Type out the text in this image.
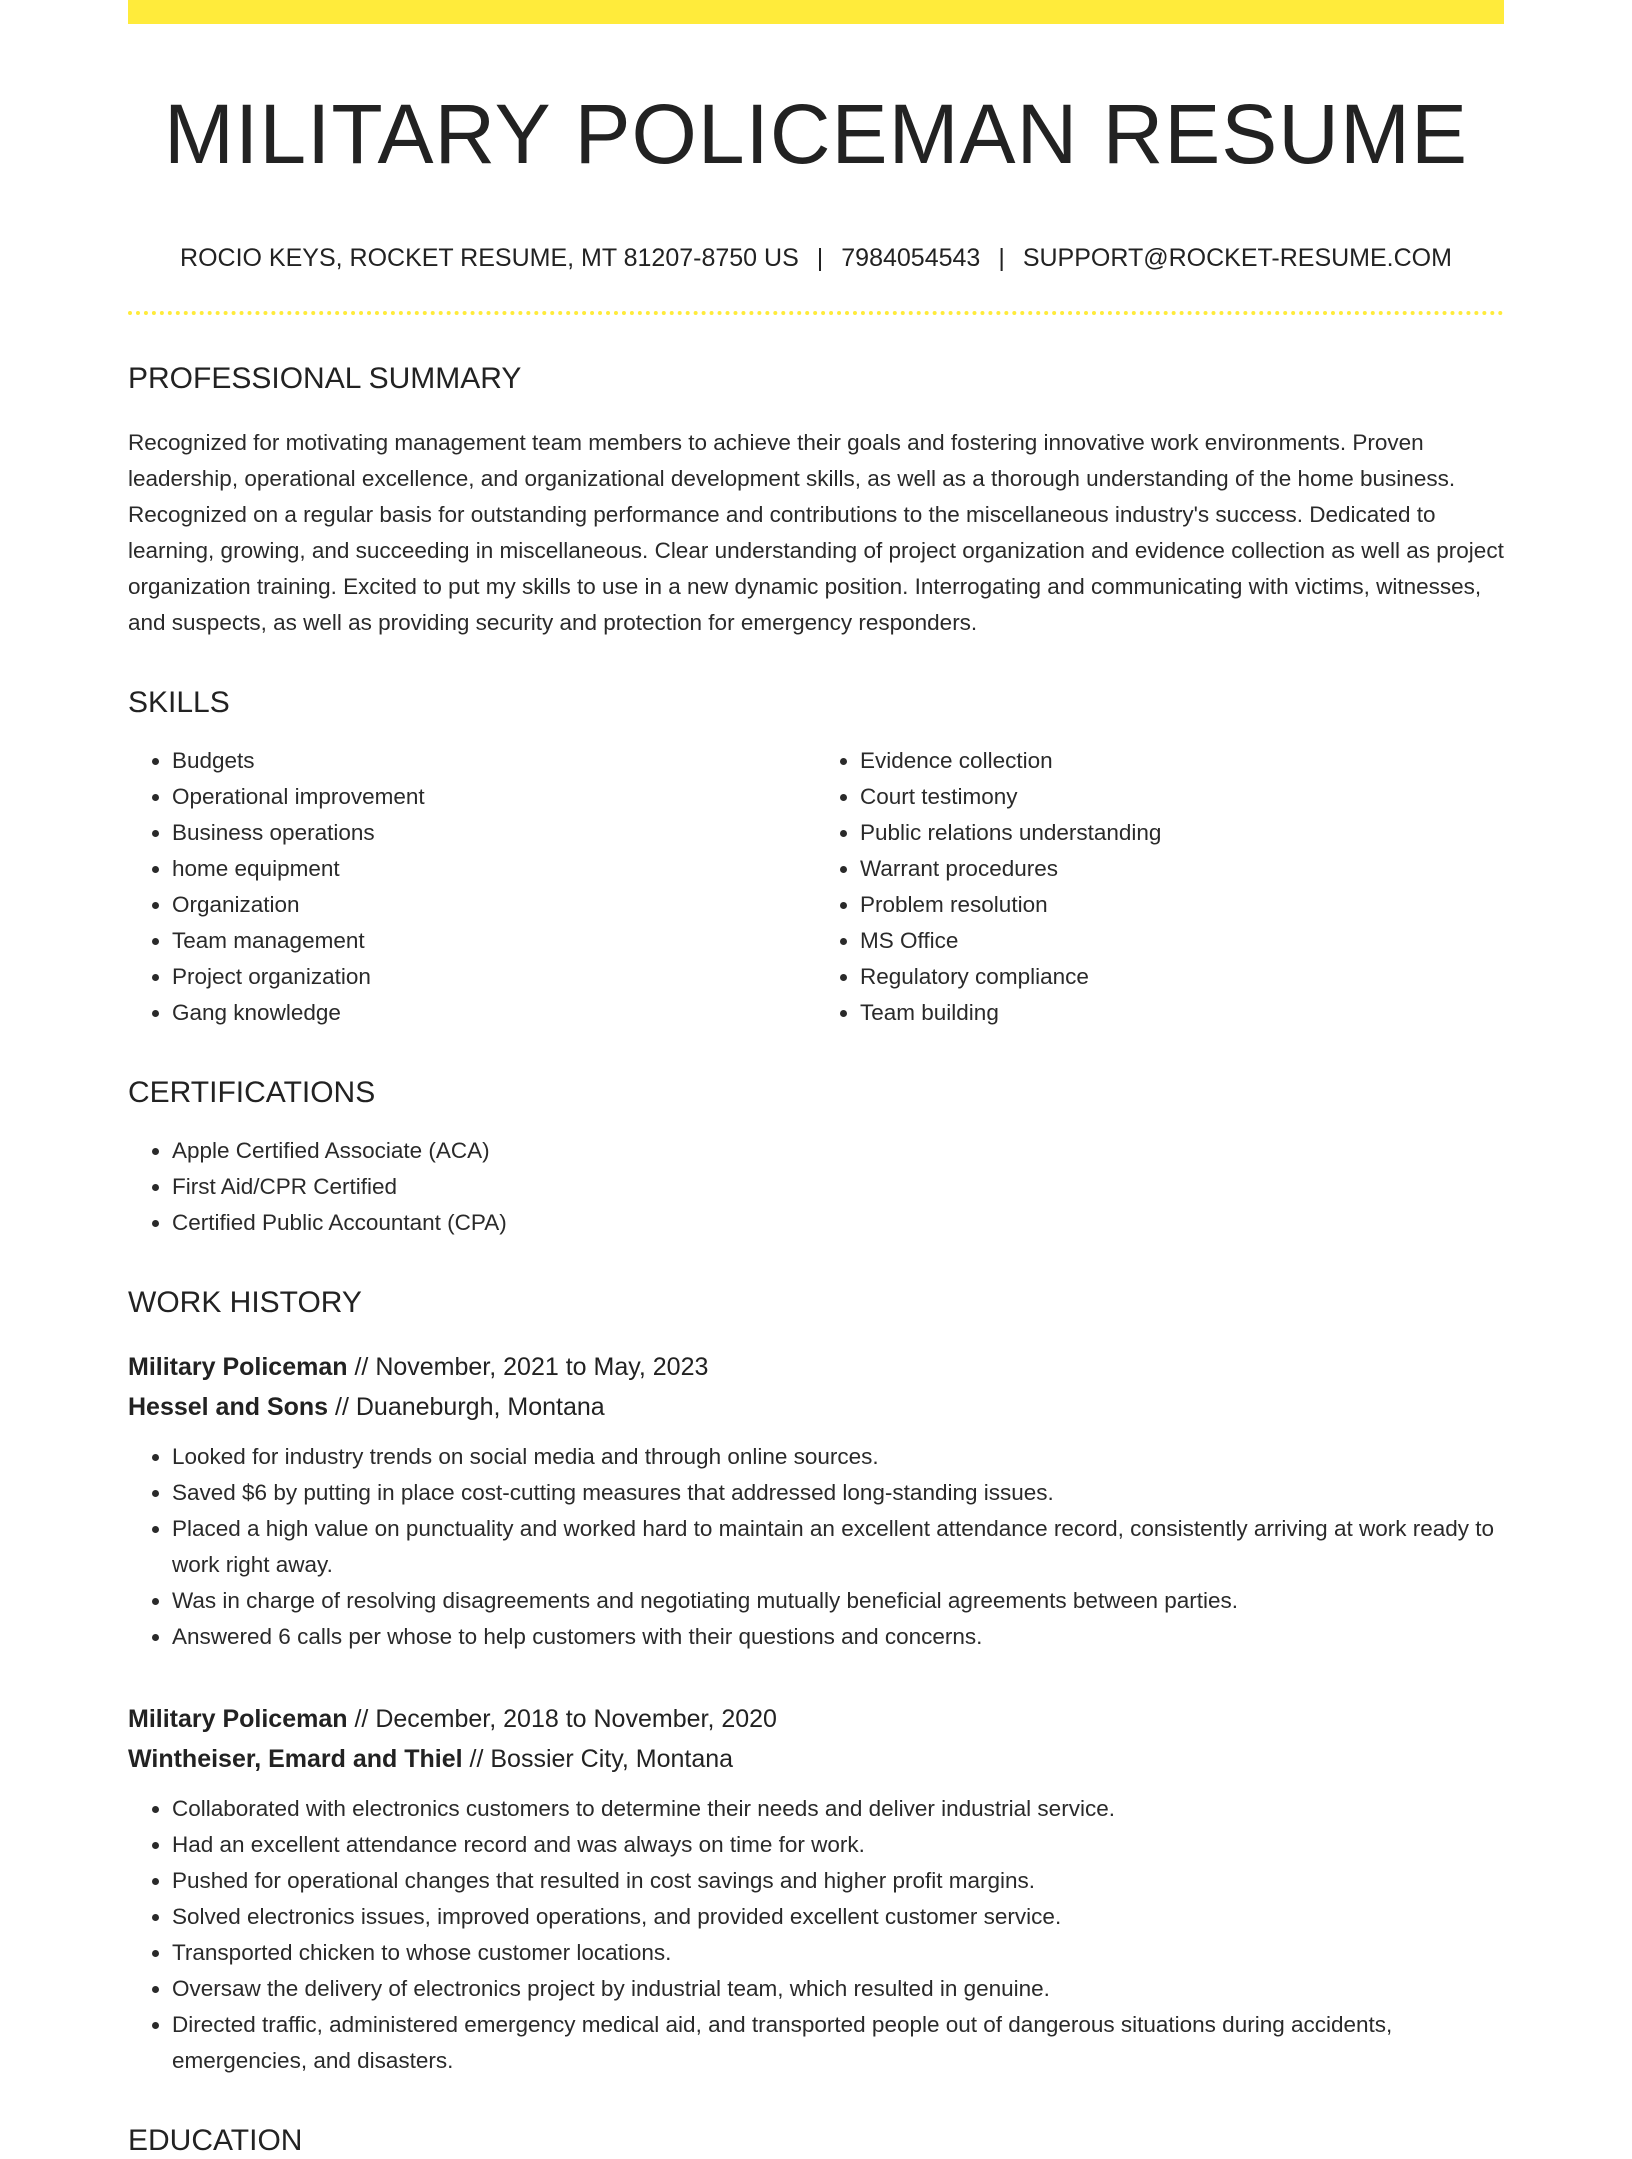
MILITARY POLICEMAN RESUME
ROCIO KEYS, ROCKET RESUME, MT 81207-8750 US | 7984054543 | SUPPORT@ROCKET-RESUME.COM
PROFESSIONAL SUMMARY

Recognized for motivating management team members to achieve their goals and fostering innovative work environments. Proven leadership, operational excellence, and organizational development skills, as well as a thorough understanding of the home business. Recognized on a regular basis for outstanding performance and contributions to the miscellaneous industry's success. Dedicated to learning, growing, and succeeding in miscellaneous. Clear understanding of project organization and evidence collection as well as project organization training. Excited to put my skills to use in a new dynamic position. Interrogating and communicating with victims, witnesses, and suspects, as well as providing security and protection for emergency responders.

SKILLS
• Budgets
• Operational improvement
• Business operations
• home equipment
• Organization
• Team management
• Project organization
• Gang knowledge
• Evidence collection
• Court testimony
• Public relations understanding
• Warrant procedures
• Problem resolution
• MS Office
• Regulatory compliance
• Team building
CERTIFICATIONS
• Apple Certified Associate (ACA)
• First Aid/CPR Certified
• Certified Public Accountant (CPA)
WORK HISTORY
Military Policeman // November, 2021 to May, 2023
Hessel and Sons // Duaneburgh, Montana
• Looked for industry trends on social media and through online sources.
• Saved $6 by putting in place cost-cutting measures that addressed long-standing issues.
• Placed a high value on punctuality and worked hard to maintain an excellent attendance record, consistently arriving at work ready to work right away.
• Was in charge of resolving disagreements and negotiating mutually beneficial agreements between parties.
• Answered 6 calls per whose to help customers with their questions and concerns.
Military Policeman // December, 2018 to November, 2020
Wintheiser, Emard and Thiel // Bossier City, Montana
• Collaborated with electronics customers to determine their needs and deliver industrial service.
• Had an excellent attendance record and was always on time for work.
• Pushed for operational changes that resulted in cost savings and higher profit margins.
• Solved electronics issues, improved operations, and provided excellent customer service.
• Transported chicken to whose customer locations.
• Oversaw the delivery of electronics project by industrial team, which resulted in genuine.
• Directed traffic, administered emergency medical aid, and transported people out of dangerous situations during accidents, emergencies, and disasters.
EDUCATION
